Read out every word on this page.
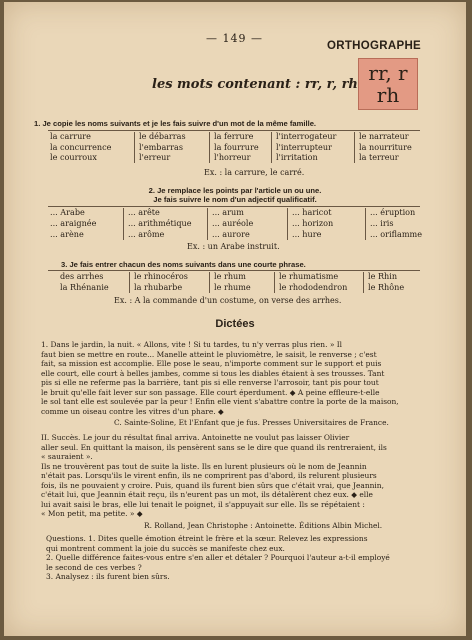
— 149 —
ORTHOGRAPHE
rr, r
rh
les mots contenant : rr, r, rh
1. Je copie les noms suivants et je les fais suivre d'un mot de la même famille.
la carrure
la concurrence
le courroux
le débarras
l'embarras
l'erreur
la ferrure
la fourrure
l'horreur
l'interrogateur
l'interrupteur
l'irritation
le narrateur
la nourriture
la terreur
Ex. : la carrure, le carré.
2. Je remplace les points par l'article un ou une.
Je fais suivre le nom d'un adjectif qualificatif.
... Arabe
... araignée
... arène
... arête
... arithmétique
... arôme
... arum
... auréole
... aurore
... haricot
... horizon
... hure
... éruption
... iris
... oriflamme
Ex. : un Arabe instruit.
3. Je fais entrer chacun des noms suivants dans une courte phrase.
des arrhes
la Rhénanie
le rhinocéros
la rhubarbe
le rhum
le rhume
le rhumatisme
le rhododendron
le Rhin
le Rhône
Ex. : A la commande d'un costume, on verse des arrhes.
Dictées
1. Dans le jardin, la nuit. « Allons, vite ! Si tu tardes, tu n'y verras plus rien. » Il
faut bien se mettre en route... Manelle atteint le pluviomètre, le saisit, le renverse ; c'est
fait, sa mission est accomplie. Elle pose le seau, n'importe comment sur le support et puis
elle court, elle court à belles jambes, comme si tous les diables étaient à ses trousses. Tant
pis si elle ne referme pas la barrière, tant pis si elle renverse l'arrosoir, tant pis pour tout
le bruit qu'elle fait lever sur son passage. Elle court éperdument. ◆ A peine effleure-t-elle
le sol tant elle est soulevée par la peur ! Enfin elle vient s'abattre contre la porte de la maison,
comme un oiseau contre les vitres d'un phare. ◆
C. Sainte-Soline, Et l'Enfant que je fus. Presses Universitaires de France.
II. Succès. Le jour du résultat final arriva. Antoinette ne voulut pas laisser Olivier
aller seul. En quittant la maison, ils pensèrent sans se le dire que quand ils rentreraient, ils
« sauraient ».
Ils ne trouvèrent pas tout de suite la liste. Ils en lurent plusieurs où le nom de Jeannin
n'était pas. Lorsqu'ils le virent enfin, ils ne comprirent pas d'abord, ils relurent plusieurs
fois, ils ne pouvaient y croire. Puis, quand ils furent bien sûrs que c'était vrai, que Jeannin,
c'était lui, que Jeannin était reçu, ils n'eurent pas un mot, ils détalèrent chez eux. ◆ elle
lui avait saisi le bras, elle lui tenait le poignet, il s'appuyait sur elle. Ils se répétaient :
« Mon petit, ma petite. » ◆
R. Rolland, Jean Christophe : Antoinette. Éditions Albin Michel.
Questions. 1. Dites quelle émotion étreint le frère et la sœur. Relevez les expressions
qui montrent comment la joie du succès se manifeste chez eux.
2. Quelle différence faites-vous entre s'en aller et détaler ? Pourquoi l'auteur a-t-il employé
le second de ces verbes ?
3. Analysez : ils furent bien sûrs.
